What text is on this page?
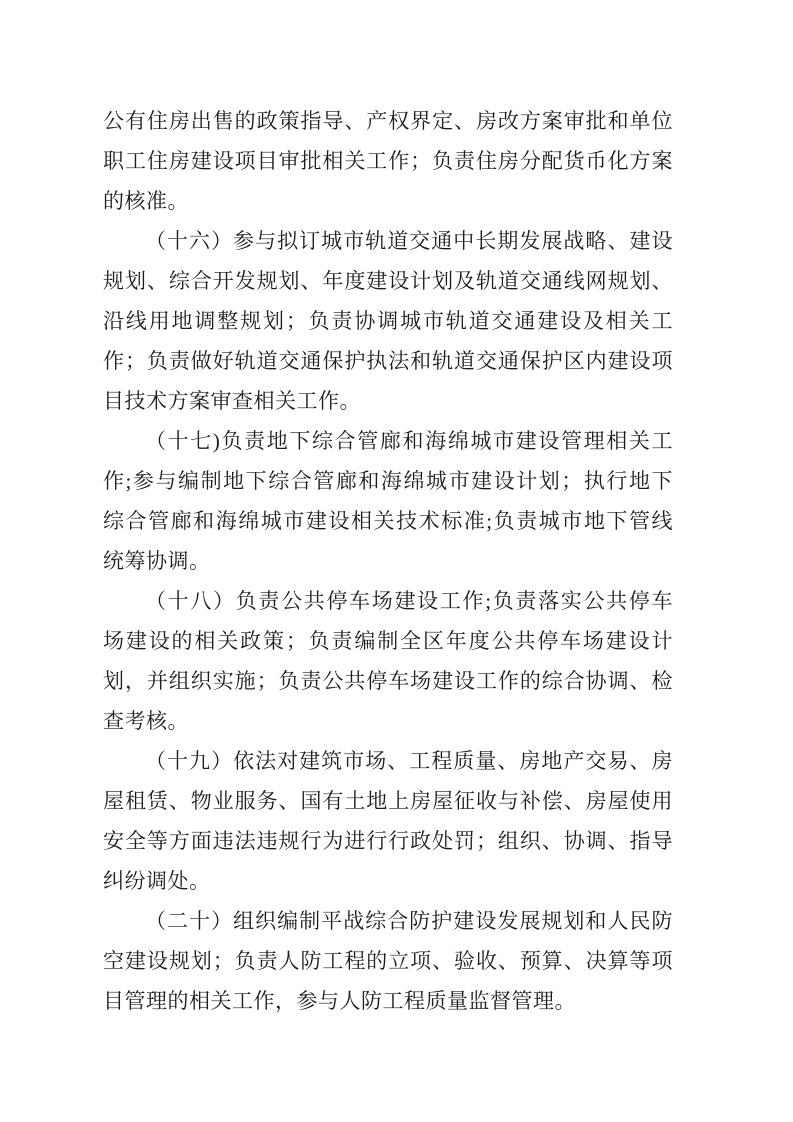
公有住房出售的政策指导、产权界定、房改方案审批和单位
职工住房建设项目审批相关工作；负责住房分配货币化方案
的核准。
（十六）参与拟订城市轨道交通中长期发展战略、建设
规划、综合开发规划、年度建设计划及轨道交通线网规划、
沿线用地调整规划；负责协调城市轨道交通建设及相关工
作；负责做好轨道交通保护执法和轨道交通保护区内建设项
目技术方案审查相关工作。
（十七)负责地下综合管廊和海绵城市建设管理相关工
作;参与编制地下综合管廊和海绵城市建设计划；执行地下
综合管廊和海绵城市建设相关技术标准;负责城市地下管线
统筹协调。
（十八）负责公共停车场建设工作;负责落实公共停车
场建设的相关政策；负责编制全区年度公共停车场建设计
划，并组织实施；负责公共停车场建设工作的综合协调、检
查考核。
（十九）依法对建筑市场、工程质量、房地产交易、房
屋租赁、物业服务、国有土地上房屋征收与补偿、房屋使用
安全等方面违法违规行为进行行政处罚；组织、协调、指导
纠纷调处。
（二十）组织编制平战综合防护建设发展规划和人民防
空建设规划；负责人防工程的立项、验收、预算、决算等项
目管理的相关工作，参与人防工程质量监督管理。
